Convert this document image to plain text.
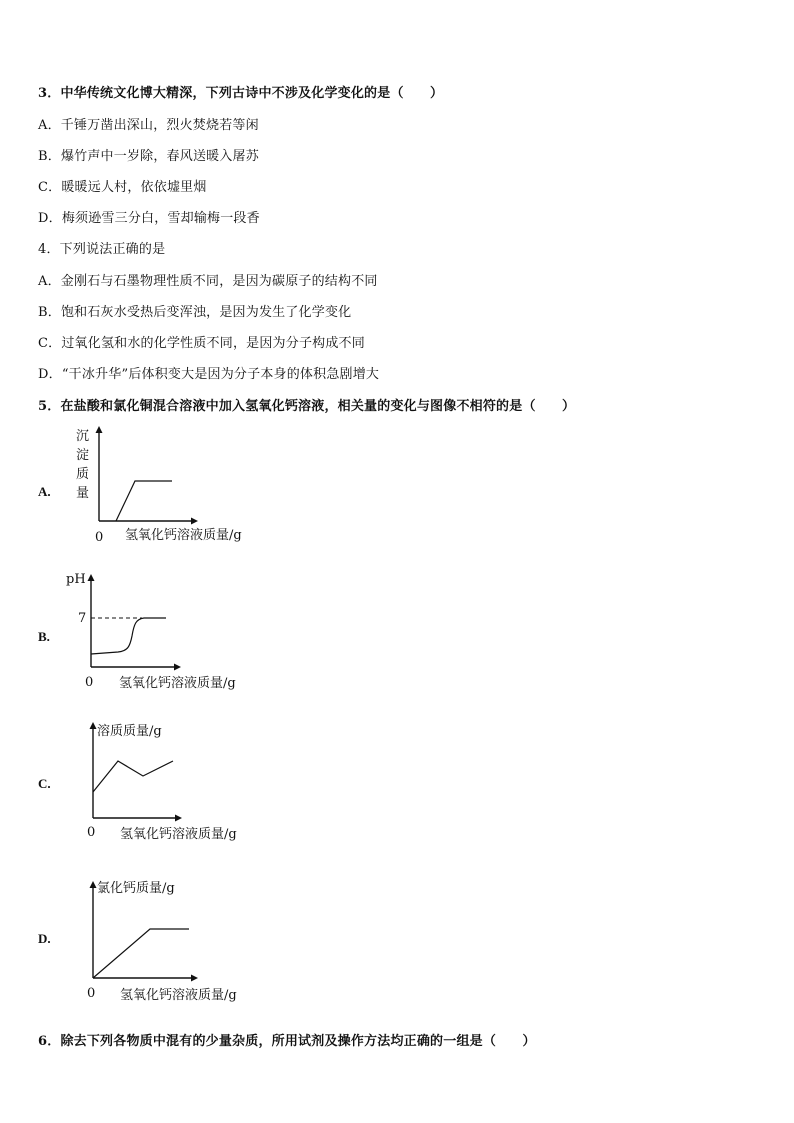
3．中华传统文化博大精深，下列古诗中不涉及化学变化的是（　　）
A．千锤万凿出深山，烈火焚烧若等闲
B．爆竹声中一岁除，春风送暖入屠苏
C．暖暖远人村，依依墟里烟
D．梅须逊雪三分白，雪却输梅一段香
4．下列说法正确的是
A．金刚石与石墨物理性质不同，是因为碳原子的结构不同
B．饱和石灰水受热后变浑浊，是因为发生了化学变化
C．过氧化氢和水的化学性质不同，是因为分子构成不同
D．“干冰升华”后体积变大是因为分子本身的体积急剧增大
5．在盐酸和氯化铜混合溶液中加入氢氧化钙溶液，相关量的变化与图像不相符的是（　　）
A.
沉
淀
质
量
0 氢氧化钙溶液质量/g
B.
pH
7
0 氢氧化钙溶液质量/g
C.
溶质质量/g
0 氢氧化钙溶液质量/g
D.
氯化钙质量/g
0 氢氧化钙溶液质量/g
6．除去下列各物质中混有的少量杂质，所用试剂及操作方法均正确的一组是（　　）
